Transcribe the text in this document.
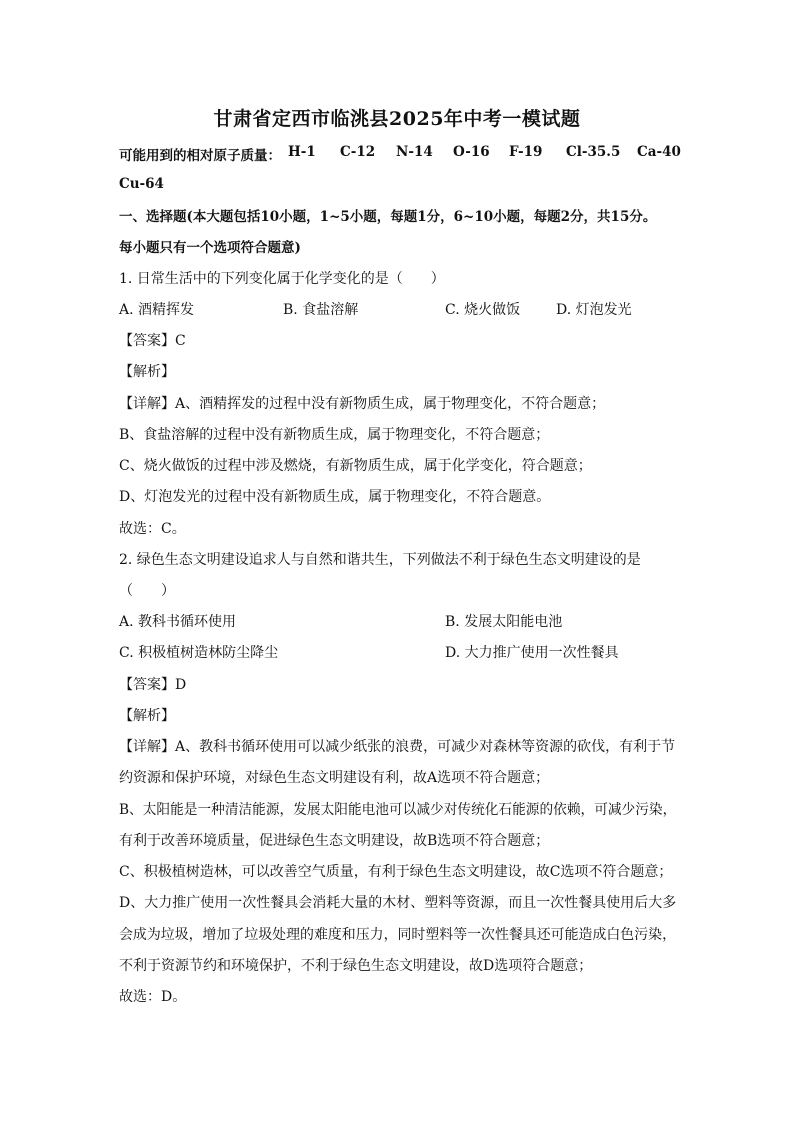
甘肃省定西市临洮县2025年中考一模试题
可能用到的相对原子质量： H-1 C-12 N-14 O-16 F-19 Cl-35.5 Ca-40
Cu-64
一、选择题(本大题包括10小题，1~5小题，每题1分，6~10小题，每题2分，共15分。
每小题只有一个选项符合题意)
1. 日常生活中的下列变化属于化学变化的是（　　）
A. 酒精挥发	B. 食盐溶解	C. 烧火做饭	D. 灯泡发光
【答案】C
【解析】
【详解】A、酒精挥发的过程中没有新物质生成，属于物理变化，不符合题意；
B、食盐溶解的过程中没有新物质生成，属于物理变化，不符合题意；
C、烧火做饭的过程中涉及燃烧，有新物质生成，属于化学变化，符合题意；
D、灯泡发光的过程中没有新物质生成，属于物理变化，不符合题意。
故选：C。
2. 绿色生态文明建设追求人与自然和谐共生，下列做法不利于绿色生态文明建设的是
（　　）
A. 教科书循环使用	B. 发展太阳能电池
C. 积极植树造林防尘降尘	D. 大力推广使用一次性餐具
【答案】D
【解析】
【详解】A、教科书循环使用可以减少纸张的浪费，可减少对森林等资源的砍伐，有利于节
约资源和保护环境，对绿色生态文明建设有利，故A选项不符合题意；
B、太阳能是一种清洁能源，发展太阳能电池可以减少对传统化石能源的依赖，可减少污染，
有利于改善环境质量，促进绿色生态文明建设，故B选项不符合题意；
C、积极植树造林，可以改善空气质量，有利于绿色生态文明建设，故C选项不符合题意；
D、大力推广使用一次性餐具会消耗大量的木材、塑料等资源，而且一次性餐具使用后大多
会成为垃圾，增加了垃圾处理的难度和压力，同时塑料等一次性餐具还可能造成白色污染，
不利于资源节约和环境保护，不利于绿色生态文明建设，故D选项符合题意；
故选：D。
